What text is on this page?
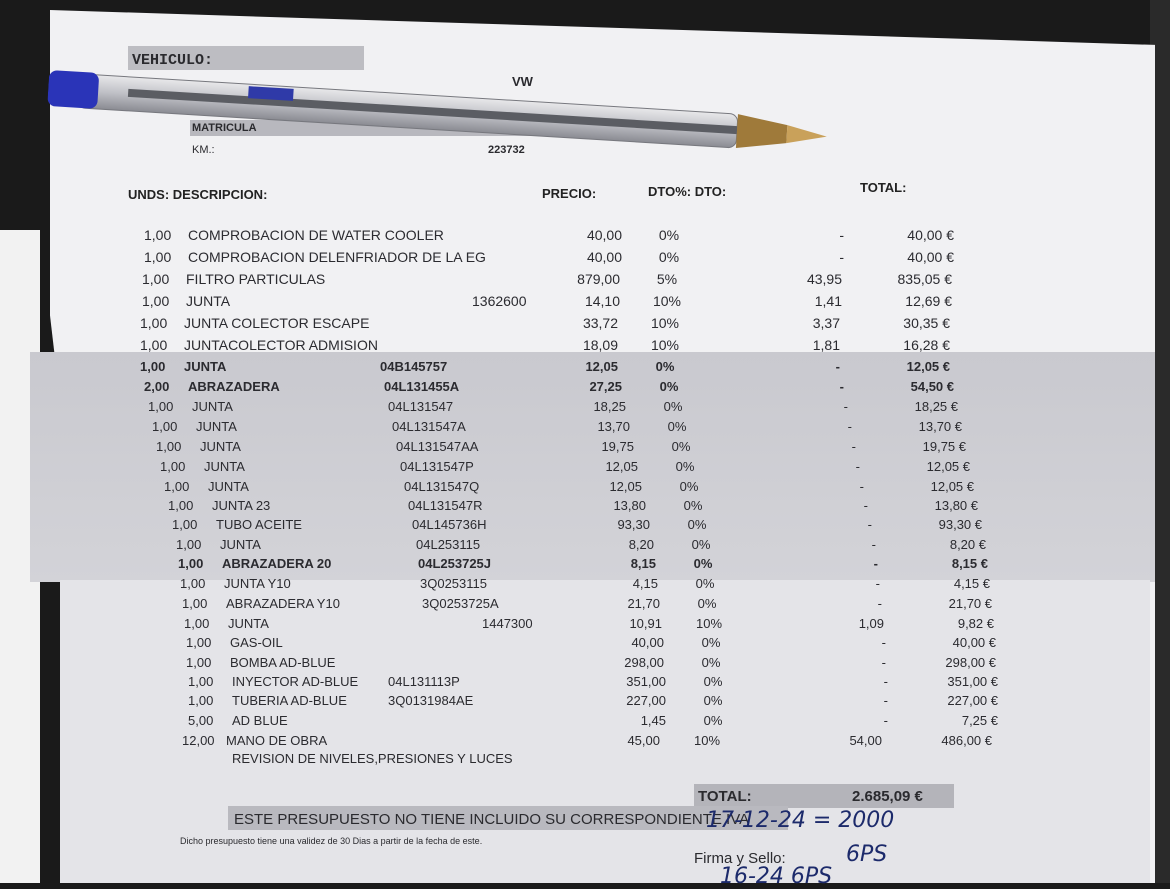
VEHICULO:
VW
MATRICULA
KM.:	223732
UNDS: DESCRIPCION:	PRECIO:	DTO%: DTO:	TOTAL:
1,00	COMPROBACION DE WATER COOLER	40,00	0%	-	40,00 €
1,00	COMPROBACION DELENFRIADOR DE LA EG	40,00	0%	-	40,00 €
1,00	FILTRO PARTICULAS	879,00	5%	43,95	835,05 €
1,00	JUNTA	1362600	14,10	10%	1,41	12,69 €
1,00	JUNTA COLECTOR ESCAPE	33,72	10%	3,37	30,35 €
1,00	JUNTACOLECTOR ADMISION	18,09	10%	1,81	16,28 €
1,00	JUNTA	04B145757	12,05	0%	-	12,05 €
2,00	ABRAZADERA	04L131455A	27,25	0%	-	54,50 €
1,00	JUNTA	04L131547	18,25	0%	-	18,25 €
1,00	JUNTA	04L131547A	13,70	0%	-	13,70 €
1,00	JUNTA	04L131547AA	19,75	0%	-	19,75 €
1,00	JUNTA	04L131547P	12,05	0%	-	12,05 €
1,00	JUNTA	04L131547Q	12,05	0%	-	12,05 €
1,00	JUNTA 23	04L131547R	13,80	0%	-	13,80 €
1,00	TUBO ACEITE	04L145736H	93,30	0%	-	93,30 €
1,00	JUNTA	04L253115	8,20	0%	-	8,20 €
1,00	ABRAZADERA 20	04L253725J	8,15	0%	-	8,15 €
1,00	JUNTA Y10	3Q0253115	4,15	0%	-	4,15 €
1,00	ABRAZADERA Y10	3Q0253725A	21,70	0%	-	21,70 €
1,00	JUNTA	1447300	10,91	10%	1,09	9,82 €
1,00	GAS-OIL	40,00	0%	-	40,00 €
1,00	BOMBA AD-BLUE	298,00	0%	-	298,00 €
1,00	INYECTOR AD-BLUE 04L131113P	351,00	0%	-	351,00 €
1,00	TUBERIA AD-BLUE	3Q0131984AE	227,00	0%	-	227,00 €
5,00	AD BLUE	1,45	0%	-	7,25 €
12,00 MANO DE OBRA	45,00	10%	54,00	486,00 €
REVISION DE NIVELES,PRESIONES Y LUCES
TOTAL:	2.685,09 €
ESTE PRESUPUESTO NO TIENE INCLUIDO SU CORRESPONDIENTE IVA
Dicho presupuesto tiene una validez de 30 Dias a partir de la fecha de este.
Firma y Sello:
17-12-24 = 2000
6PS
16-24 6PS
